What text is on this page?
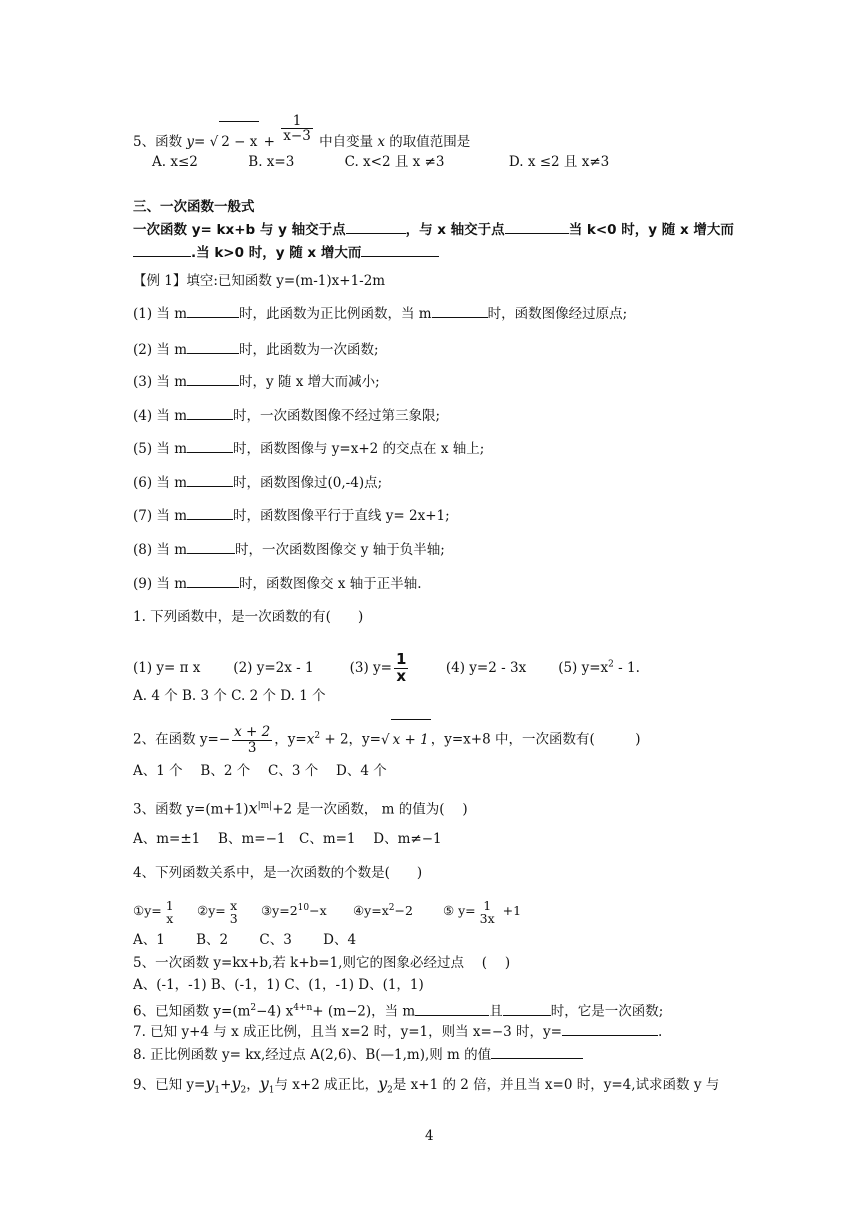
5、函数 y= √ $2 - x + \frac{1}{x-3}$ 中自变量 x 的取值范围是
A. x≤2	B. x=3	C. x<2 且 x ≠3	D. x ≤2 且 x≠3
三、一次函数一般式
一次函数 y= kx+b 与 y 轴交于点	，与 x 轴交于点	当 k<0 时，y 随 x 增大而
.当 k>0 时，y 随 x 增大而
【例 1】填空:已知函数 y=(m-1)x+1-2m
(1) 当 m	时，此函数为正比例函数，当 m	时，函数图像经过原点;
(2) 当 m	时，此函数为一次函数;
(3) 当 m	时，y 随 x 增大而减小;
(4) 当 m	时，一次函数图像不经过第三象限;
(5) 当 m	时，函数图像与 y=x+2 的交点在 x 轴上;
(6) 当 m	时，函数图像过(0,-4)点;
(7) 当 m	时，函数图像平行于直线 y= 2x+1;
(8) 当 m	时，一次函数图像交 y 轴于负半轴;
(9) 当 m	时，函数图像交 x 轴于正半轴.
1. 下列函数中，是一次函数的有(　　)
(1) y= π x (2) y=2x - 1	(3) $y= \frac{1}{x}$	(4) y=2 - 3x (5) $y=x^2 - 1$.
A. 4 个 B. 3 个 C. 2 个 D. 1 个
2、在函数 $y=- \frac{x + 2}{3}$ ，$y=x^2 + 2$，y=√ x + 1 ，y=x+8 中，一次函数有(　　　)
A、1 个　 B、2 个　 C、3 个　 D、4 个
3、函数 $y=(m+1)x^{|m|}+2$ 是一次函数， m 的值为(　 )
A、m=±1　 B、m=−1　C、m=1　 D、m≠−1
4、下列函数关系中，是一次函数的个数是(　　)
①y= 1
x ②y= x
3 $③y=2^{10}-x$ $④y=x^2-2$ ⑤ y= 1
3x +1
A、1　　 B、2　　 C、3　　 D、4
5、一次函数 y=kx+b,若 k+b=1,则它的图象必经过点　 (　 )
A、(-1，-1) B、(-1，1) C、(1，-1) D、(1，1)
6、已知函数 $y=(m^2-4)$ $x^{4+n}+ (m-2)$，当 m	且	时，它是一次函数;
7. 已知 y+4 与 x 成正比例，且当 x=2 时，y=1，则当 x=−3 时，y=	.
8. 正比例函数 y= kx,经过点 A(2,6)、B(—1,m),则 m 的值
9、已知 $y=y_1+y_2$，$y_1$与 x+2 成正比，$y_2$是 x+1 的 2 倍，并且当 x=0 时，y=4,试求函数 y 与
4
